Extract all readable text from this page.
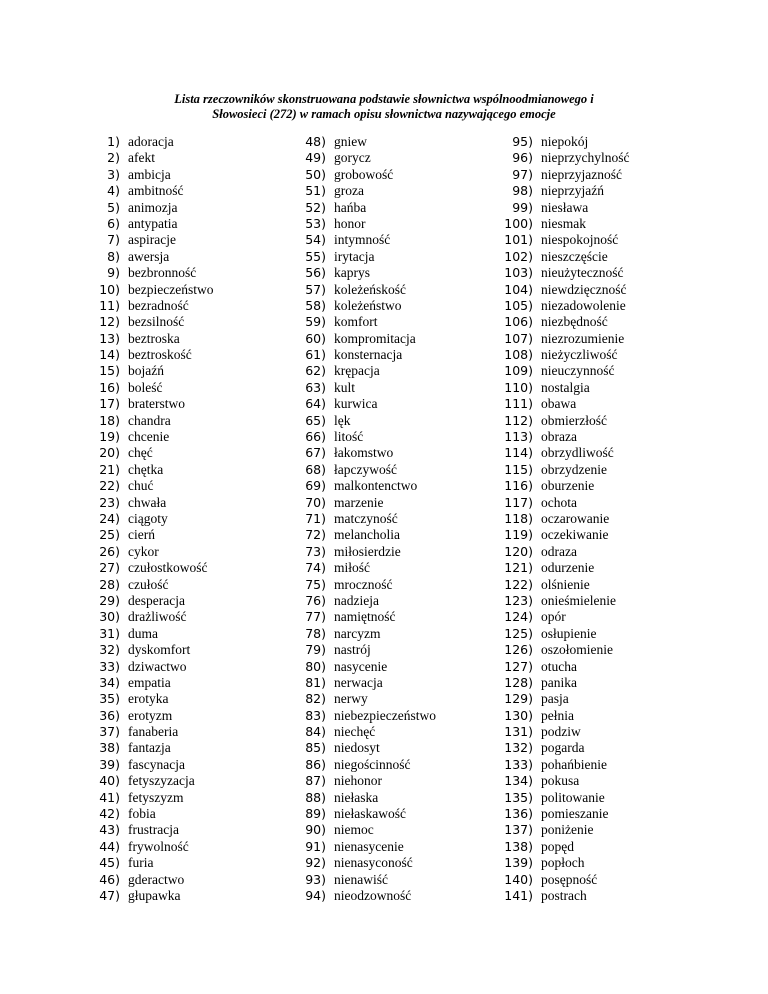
Lista rzeczowników skonstruowana podstawie słownictwa wspólnoodmianowego i
Słowosieci (272) w ramach opisu słownictwa nazywającego emocje
1) adoracja
2) afekt
3) ambicja
4) ambitność
5) animozja
6) antypatia
7) aspiracje
8) awersja
9) bezbronność
10) bezpieczeństwo
11) bezradność
12) bezsilność
13) beztroska
14) beztroskość
15) bojaźń
16) boleść
17) braterstwo
18) chandra
19) chcenie
20) chęć
21) chętka
22) chuć
23) chwała
24) ciągoty
25) cierń
26) cykor
27) czułostkowość
28) czułość
29) desperacja
30) drażliwość
31) duma
32) dyskomfort
33) dziwactwo
34) empatia
35) erotyka
36) erotyzm
37) fanaberia
38) fantazja
39) fascynacja
40) fetyszyzacja
41) fetyszyzm
42) fobia
43) frustracja
44) frywolność
45) furia
46) gderactwo
47) głupawka
48) gniew
49) gorycz
50) grobowość
51) groza
52) hańba
53) honor
54) intymność
55) irytacja
56) kaprys
57) koleżeńskość
58) koleżeństwo
59) komfort
60) kompromitacja
61) konsternacja
62) krępacja
63) kult
64) kurwica
65) lęk
66) litość
67) łakomstwo
68) łapczywość
69) malkontenctwo
70) marzenie
71) matczyność
72) melancholia
73) miłosierdzie
74) miłość
75) mroczność
76) nadzieja
77) namiętność
78) narcyzm
79) nastrój
80) nasycenie
81) nerwacja
82) nerwy
83) niebezpieczeństwo
84) niechęć
85) niedosyt
86) niegościnność
87) niehonor
88) niełaska
89) niełaskawość
90) niemoc
91) nienasycenie
92) nienasyconość
93) nienawiść
94) nieodzowność
95) niepokój
96) nieprzychylność
97) nieprzyjazność
98) nieprzyjaźń
99) niesława
100) niesmak
101) niespokojność
102) nieszczęście
103) nieużyteczność
104) niewdzięczność
105) niezadowolenie
106) niezbędność
107) niezrozumienie
108) nieżyczliwość
109) nieuczynność
110) nostalgia
111) obawa
112) obmierzłość
113) obraza
114) obrzydliwość
115) obrzydzenie
116) oburzenie
117) ochota
118) oczarowanie
119) oczekiwanie
120) odraza
121) odurzenie
122) olśnienie
123) onieśmielenie
124) opór
125) osłupienie
126) oszołomienie
127) otucha
128) panika
129) pasja
130) pełnia
131) podziw
132) pogarda
133) pohańbienie
134) pokusa
135) politowanie
136) pomieszanie
137) poniżenie
138) popęd
139) popłoch
140) posępność
141) postrach
